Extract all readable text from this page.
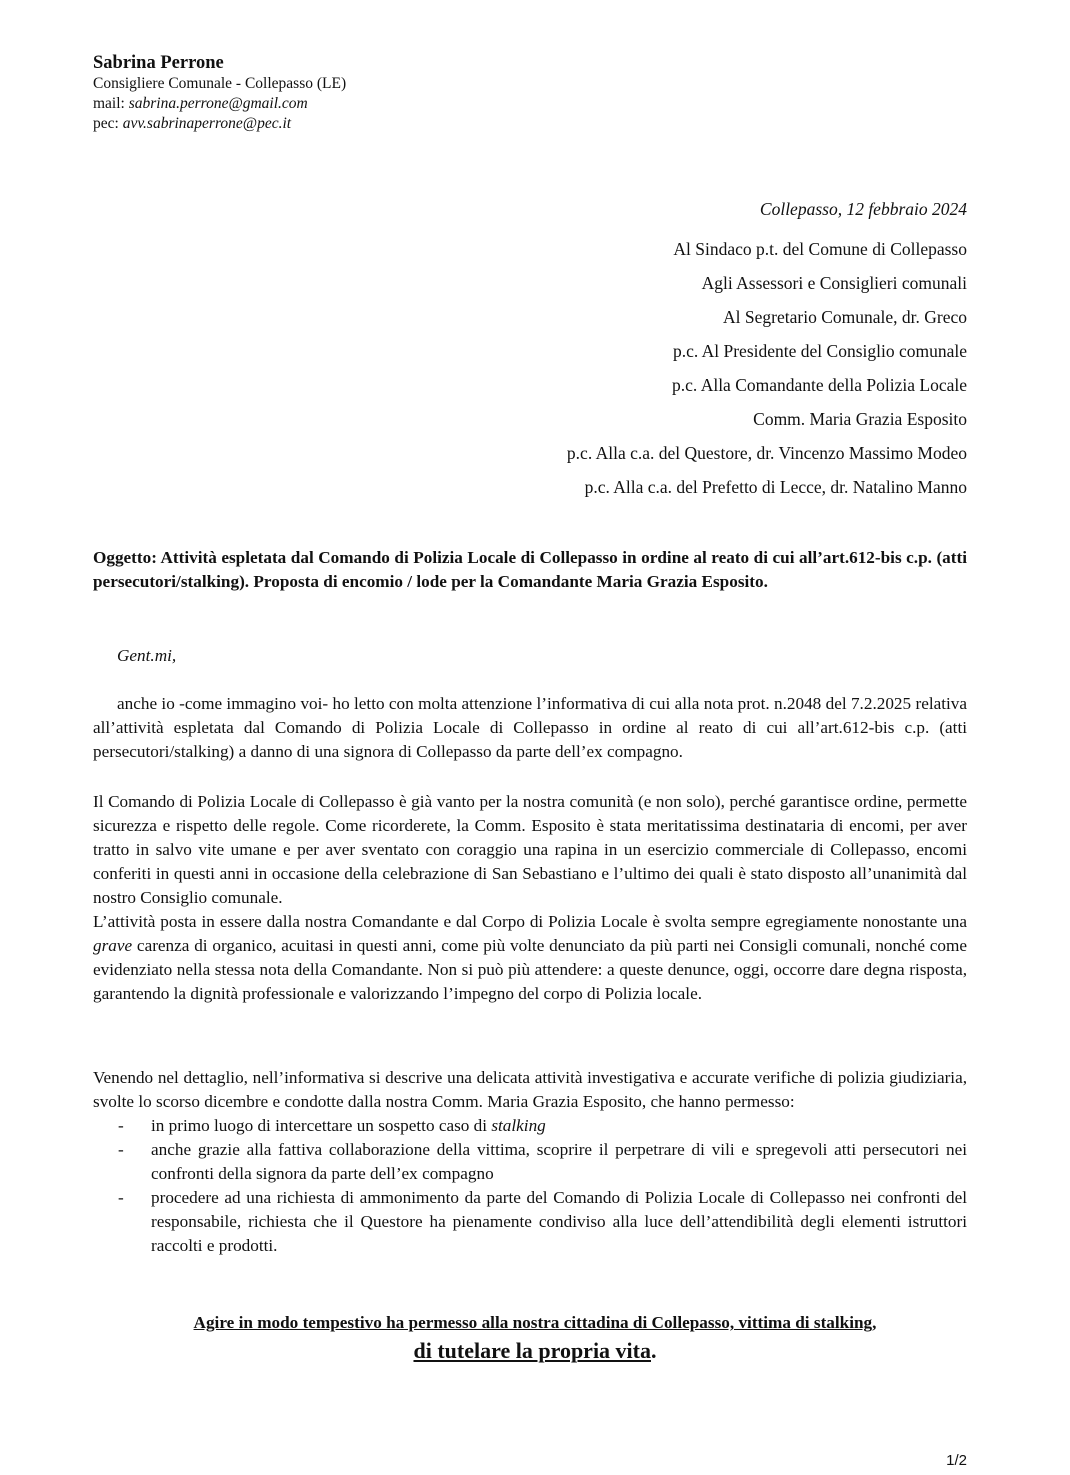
Sabrina Perrone
Consigliere Comunale - Collepasso (LE)
mail: sabrina.perrone@gmail.com
pec: avv.sabrinaperrone@pec.it
Collepasso, 12 febbraio 2024
Al Sindaco p.t. del Comune di Collepasso
Agli Assessori e Consiglieri comunali
Al Segretario Comunale, dr. Greco
p.c. Al Presidente del Consiglio comunale
p.c. Alla Comandante della Polizia Locale
Comm. Maria Grazia Esposito
p.c. Alla c.a. del Questore, dr. Vincenzo Massimo Modeo
p.c. Alla c.a. del Prefetto di Lecce, dr. Natalino Manno
Oggetto: Attività espletata dal Comando di Polizia Locale di Collepasso in ordine al reato di cui all’art.612-bis c.p. (atti persecutori/stalking). Proposta di encomio / lode per la Comandante Maria Grazia Esposito.
Gent.mi,
anche io -come immagino voi- ho letto con molta attenzione l’informativa di cui alla nota prot. n.2048 del 7.2.2025 relativa all’attività espletata dal Comando di Polizia Locale di Collepasso in ordine al reato di cui all’art.612-bis c.p. (atti persecutori/stalking) a danno di una signora di Collepasso da parte dell’ex compagno.
Il Comando di Polizia Locale di Collepasso è già vanto per la nostra comunità (e non solo), perché garantisce ordine, permette sicurezza e rispetto delle regole. Come ricorderete, la Comm. Esposito è stata meritatissima destinataria di encomi, per aver tratto in salvo vite umane e per aver sventato con coraggio una rapina in un esercizio commerciale di Collepasso, encomi conferiti in questi anni in occasione della celebrazione di San Sebastiano e l’ultimo dei quali è stato disposto all’unanimità dal nostro Consiglio comunale.
L’attività posta in essere dalla nostra Comandante e dal Corpo di Polizia Locale è svolta sempre egregiamente nonostante una grave carenza di organico, acuitasi in questi anni, come più volte denunciato da più parti nei Consigli comunali, nonché come evidenziato nella stessa nota della Comandante. Non si può più attendere: a queste denunce, oggi, occorre dare degna risposta, garantendo la dignità professionale e valorizzando l’impegno del corpo di Polizia locale.
Venendo nel dettaglio, nell’informativa si descrive una delicata attività investigativa e accurate verifiche di polizia giudiziaria, svolte lo scorso dicembre e condotte dalla nostra Comm. Maria Grazia Esposito, che hanno permesso:
- in primo luogo di intercettare un sospetto caso di stalking
- anche grazie alla fattiva collaborazione della vittima, scoprire il perpetrare di vili e spregevoli atti persecutori nei confronti della signora da parte dell’ex compagno
- procedere ad una richiesta di ammonimento da parte del Comando di Polizia Locale di Collepasso nei confronti del responsabile, richiesta che il Questore ha pienamente condiviso alla luce dell’attendibilità degli elementi istruttori raccolti e prodotti.
Agire in modo tempestivo ha permesso alla nostra cittadina di Collepasso, vittima di stalking,
di tutelare la propria vita.
1/2
